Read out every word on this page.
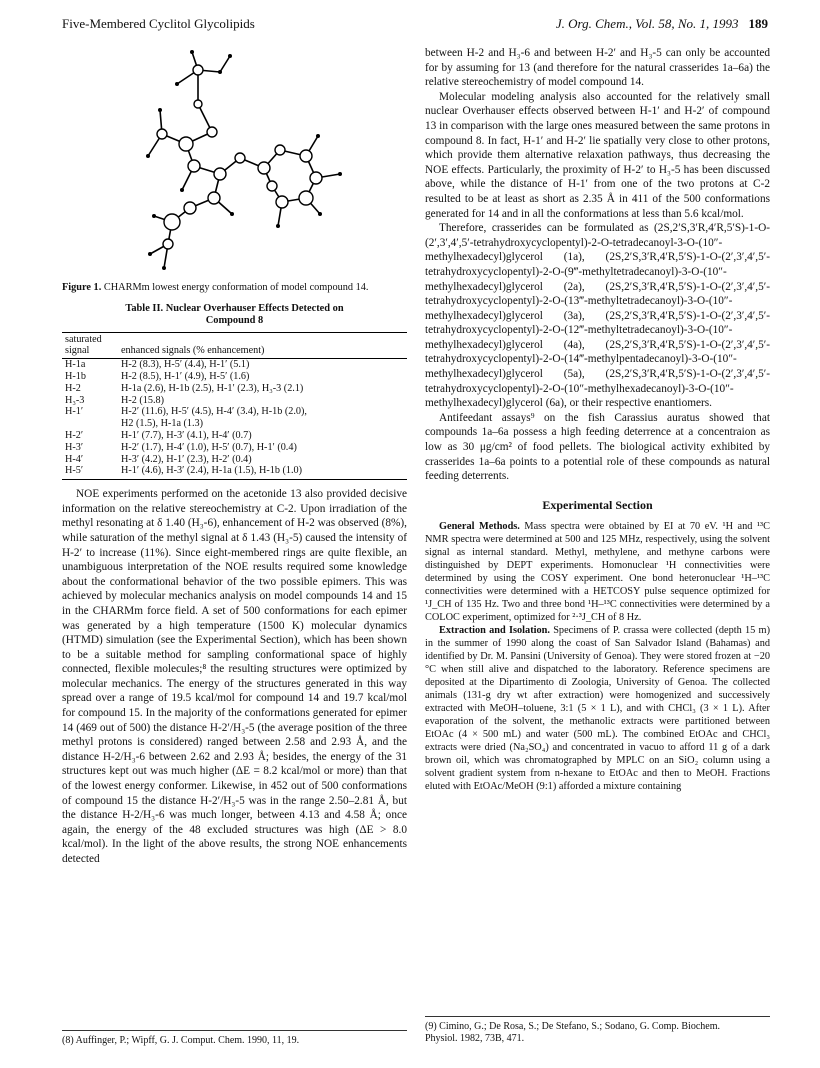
Five-Membered Cyclitol Glycolipids	J. Org. Chem., Vol. 58, No. 1, 1993 189

Figure 1. CHARMm lowest energy conformation of model compound 14.

Table II. Nuclear Overhauser Effects Detected on
Compound 8
saturated
signal	enhanced signals (% enhancement)
H-1a	H-2 (8.3), H-5′ (4.4), H-1′ (5.1)
H-1b	H-2 (8.5), H-1′ (4.9), H-5′ (1.6)
H-2	H-1a (2.6), H-1b (2.5), H-1′ (2.3), H₃-3 (2.1)
H₃-3	H-2 (15.8)
H-1′	H-2′ (11.6), H-5′ (4.5), H-4′ (3.4), H-1b (2.0),
	H2 (1.5), H-1a (1.3)
H-2′	H-1′ (7.7), H-3′ (4.1), H-4′ (0.7)
H-3′	H-2′ (1.7), H-4′ (1.0), H-5′ (0.7), H-1′ (0.4)
H-4′	H-3′ (4.2), H-1′ (2.3), H-2′ (0.4)
H-5′	H-1′ (4.6), H-3′ (2.4), H-1a (1.5), H-1b (1.0)

NOE experiments performed on the acetonide 13 also provided decisive information on the relative stereochemistry at C-2. Upon irradiation of the methyl resonating at δ 1.40 (H₃-6), enhancement of H-2 was observed (8%), while saturation of the methyl signal at δ 1.43 (H₃-5) caused the intensity of H-2′ to increase (11%). Since eight-membered rings are quite flexible, an unambiguous interpretation of the NOE results required some knowledge about the conformational behavior of the two possible epimers. This was achieved by molecular mechanics analysis on model compounds 14 and 15 in the CHARMm force field. A set of 500 conformations for each epimer was generated by a high temperature (1500 K) molecular dynamics (HTMD) simulation (see the Experimental Section), which has been shown to be a suitable method for sampling conformational space of highly connected, flexible molecules;⁸ the resulting structures were optimized by molecular mechanics. The energy of the structures generated in this way spread over a range of 19.5 kcal/mol for compound 14 and 19.7 kcal/mol for compound 15. In the majority of the conformations generated for epimer 14 (469 out of 500) the distance H-2′/H₃-5 (the average position of the three methyl protons is considered) ranged between 2.58 and 2.93 Å, and the distance H-2/H₃-6 between 2.62 and 2.93 Å; besides, the energy of the 31 structures kept out was much higher (ΔE = 8.2 kcal/mol or more) than that of the lowest energy conformer. Likewise, in 452 out of 500 conformations of compound 15 the distance H-2′/H₃-5 was in the range 2.50–2.81 Å, but the distance H-2/H₃-6 was much longer, between 4.13 and 4.58 Å; once again, the energy of the 48 excluded structures was high (ΔE > 8.0 kcal/mol). In the light of the above results, the strong NOE enhancements detected

between H-2 and H₃-6 and between H-2′ and H₃-5 can only be accounted for by assuming for 13 (and therefore for the natural crasserides 1a–6a) the relative stereochemistry of model compound 14.

Molecular modeling analysis also accounted for the relatively small nuclear Overhauser effects observed between H-1′ and H-2′ of compound 13 in comparison with the large ones measured between the same protons in compound 8. In fact, H-1′ and H-2′ lie spatially very close to other protons, which provide them alternative relaxation pathways, thus decreasing the NOE effects. Particularly, the proximity of H-2′ to H₃-5 has been discussed above, while the distance of H-1′ from one of the two protons at C-2 resulted to be at least as short as 2.35 Å in 411 of the 500 conformations generated for 14 and in all the conformations at less than 5.6 kcal/mol.

Therefore, crasserides can be formulated as (2S,2′S,3′R,4′R,5′S)-1-O-(2′,3′,4′,5′-tetrahydroxycyclopentyl)-2-O-tetradecanoyl-3-O-(10″-methylhexadecyl)glycerol (1a), (2S,2′S,3′R,4′R,5′S)-1-O-(2′,3′,4′,5′-tetrahydroxycyclopentyl)-2-O-(9‴-methyltetradecanoyl)-3-O-(10″-methylhexadecyl)glycerol (2a), (2S,2′S,3′R,4′R,5′S)-1-O-(2′,3′,4′,5′-tetrahydroxycyclopentyl)-2-O-(13‴-methyltetradecanoyl)-3-O-(10″-methylhexadecyl)glycerol (3a), (2S,2′S,3′R,4′R,5′S)-1-O-(2′,3′,4′,5′-tetrahydroxycyclopentyl)-2-O-(12‴-methyltetradecanoyl)-3-O-(10″-methylhexadecyl)glycerol (4a), (2S,2′S,3′R,4′R,5′S)-1-O-(2′,3′,4′,5′-tetrahydroxycyclopentyl)-2-O-(14‴-methylpentadecanoyl)-3-O-(10″-methylhexadecyl)glycerol (5a), (2S,2′S,3′R,4′R,5′S)-1-O-(2′,3′,4′,5′-tetrahydroxycyclopentyl)-2-O-(10″-methylhexadecanoyl)-3-O-(10″-methylhexadecyl)glycerol (6a), or their respective enantiomers.

Antifeedant assays⁹ on the fish Carassius auratus showed that compounds 1a–6a possess a high feeding deterrence at a concentraion as low as 30 μg/cm² of food pellets. The biological activity exhibited by crasserides 1a–6a points to a potential role of these compounds as natural feeding deterrents.

Experimental Section

General Methods. Mass spectra were obtained by EI at 70 eV. ¹H and ¹³C NMR spectra were determined at 500 and 125 MHz, respectively, using the solvent signal as internal standard. Methyl, methylene, and methyne carbons were distinguished by DEPT experiments. Homonuclear ¹H connectivities were determined by using the COSY experiment. One bond heteronuclear ¹H–¹³C connectivities were determined with a HETCOSY pulse sequence optimized for ¹J_CH of 135 Hz. Two and three bond ¹H–¹³C connectivities were determined by a COLOC experiment, optimized for ²·³J_CH of 8 Hz.

Extraction and Isolation. Specimens of P. crassa were collected (depth 15 m) in the summer of 1990 along the coast of San Salvador Island (Bahamas) and identified by Dr. M. Pansini (University of Genoa). They were stored frozen at −20 °C when still alive and dispatched to the laboratory. Reference specimens are deposited at the Dipartimento di Zoologia, University of Genoa. The collected animals (131-g dry wt after extraction) were homogenized and successively extracted with MeOH–toluene, 3:1 (5 × 1 L), and with CHCl₃ (3 × 1 L). After evaporation of the solvent, the methanolic extracts were partitioned between EtOAc (4 × 500 mL) and water (500 mL). The combined EtOAc and CHCl₃ extracts were dried (Na₂SO₄) and concentrated in vacuo to afford 11 g of a dark brown oil, which was chromatographed by MPLC on an SiO₂ column using a solvent gradient system from n-hexane to EtOAc and then to MeOH. Fractions eluted with EtOAc/MeOH (9:1) afforded a mixture containing

(8) Auffinger, P.; Wipff, G. J. Comput. Chem. 1990, 11, 19.
(9) Cimino, G.; De Rosa, S.; De Stefano, S.; Sodano, G. Comp. Biochem.
Physiol. 1982, 73B, 471.
